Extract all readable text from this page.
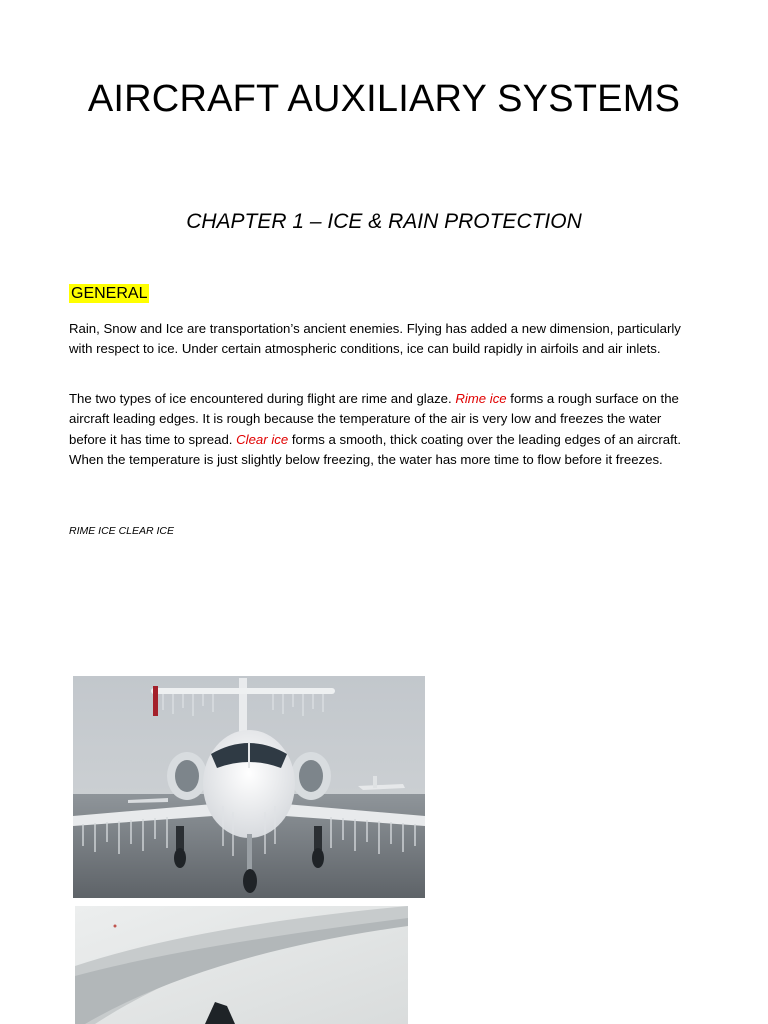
AIRCRAFT AUXILIARY SYSTEMS
CHAPTER 1 – ICE & RAIN PROTECTION
GENERAL

Rain, Snow and Ice are transportation’s ancient enemies. Flying has added a new dimension, particularly with respect to ice. Under certain atmospheric conditions, ice can build rapidly in airfoils and air inlets.

The two types of ice encountered during flight are rime and glaze. Rime ice forms a rough surface on the aircraft leading edges. It is rough because the temperature of the air is very low and freezes the water before it has time to spread. Clear ice forms a smooth, thick coating over the leading edges of an aircraft. When the temperature is just slightly below freezing, the water has more time to flow before it freezes.

RIME ICE CLEAR ICE
